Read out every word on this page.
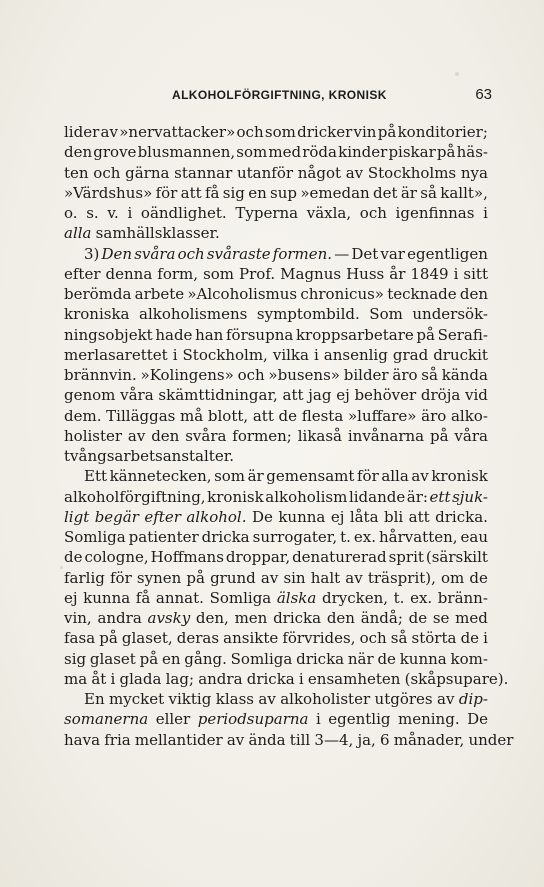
ALKOHOLFÖRGIFTNING, KRONISK	63
lider av »nervattacker» och som dricker vin på konditorier;
den grove blusmannen, som med röda kinder piskar på häs-
ten och gärna stannar utanför något av Stockholms nya
»Värdshus» för att få sig en sup »emedan det är så kallt»,
o. s. v. i oändlighet. Typerna växla, och igenfinnas i
alla samhällsklasser.
3) Den svåra och svåraste formen. — Det var egentligen
efter denna form, som Prof. Magnus Huss år 1849 i sitt
berömda arbete »Alcoholismus chronicus» tecknade den
kroniska alkoholismens symptombild. Som undersök-
ningsobjekt hade han försupna kroppsarbetare på Serafi-
merlasarettet i Stockholm, vilka i ansenlig grad druckit
brännvin. »Kolingens» och »busens» bilder äro så kända
genom våra skämttidningar, att jag ej behöver dröja vid
dem. Tilläggas må blott, att de flesta »luffare» äro alko-
holister av den svåra formen; likaså invånarna på våra
tvångsarbetsanstalter.
Ett kännetecken, som är gemensamt för alla av kronisk
alkoholförgiftning, kronisk alkoholism lidande är: ett sjuk-
ligt begär efter alkohol. De kunna ej låta bli att dricka.
Somliga patienter dricka surrogater, t. ex. hårvatten, eau
de cologne, Hoffmans droppar, denaturerad sprit (särskilt
farlig för synen på grund av sin halt av träsprit), om de
ej kunna få annat. Somliga älska drycken, t. ex. bränn-
vin, andra avsky den, men dricka den ändå; de se med
fasa på glaset, deras ansikte förvrides, och så störta de i
sig glaset på en gång. Somliga dricka när de kunna kom-
ma åt i glada lag; andra dricka i ensamheten (skåpsupare).
En mycket viktig klass av alkoholister utgöres av dip-
somanerna eller periodsuparna i egentlig mening. De
hava fria mellantider av ända till 3—4, ja, 6 månader, under
